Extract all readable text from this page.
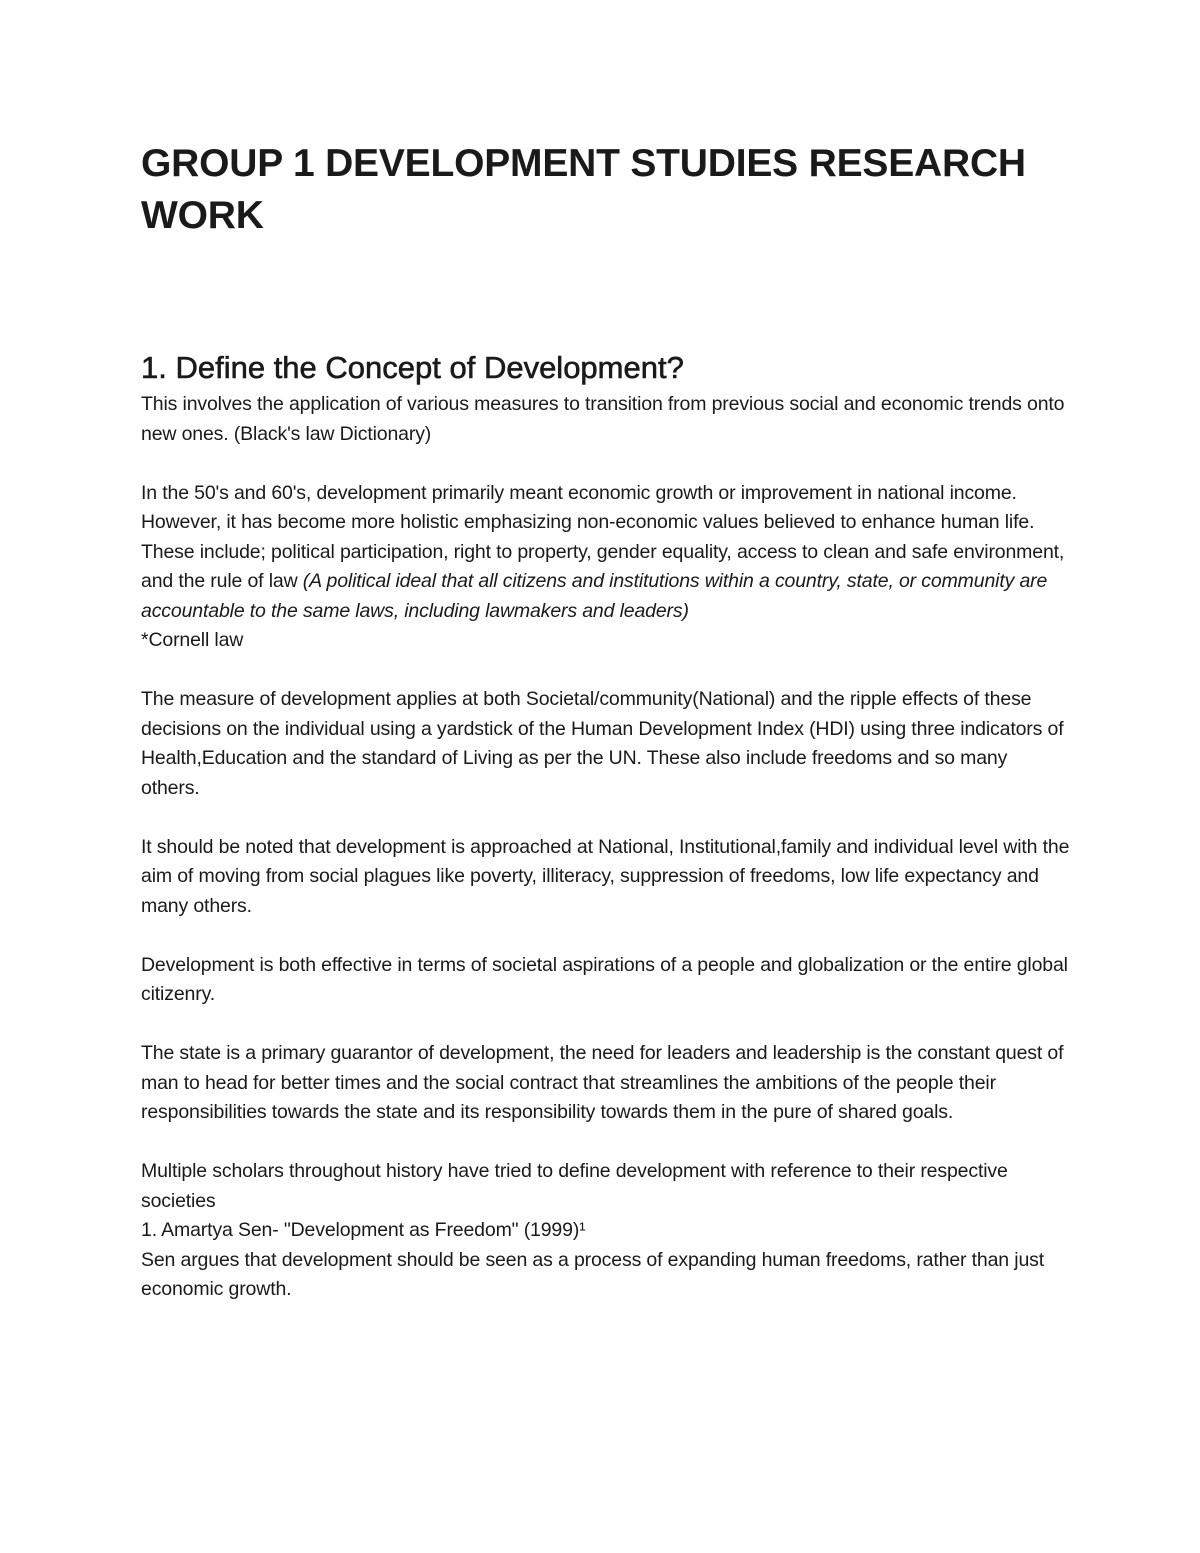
GROUP 1 DEVELOPMENT STUDIES RESEARCH WORK
1. Define the Concept of Development?

This involves the application of various measures to transition from previous social and economic trends onto new ones. (Black's law Dictionary)

In the 50's and 60's, development primarily meant economic growth or improvement in national income. However, it has become more holistic emphasizing non-economic values believed to enhance human life. These include; political participation, right to property, gender equality, access to clean and safe environment, and the rule of law (A political ideal that all citizens and institutions within a country, state, or community are accountable to the same laws, including lawmakers and leaders)

*Cornell law

The measure of development applies at both Societal/community(National) and the ripple effects of these decisions on the individual using a yardstick of the Human Development Index (HDI) using three indicators of Health,Education and the standard of Living as per the UN. These also include freedoms and so many others.

It should be noted that development is approached at National, Institutional,family and individual level with the aim of moving from social plagues like poverty, illiteracy, suppression of freedoms, low life expectancy and many others.

Development is both effective in terms of societal aspirations of a people and globalization or the entire global citizenry.

The state is a primary guarantor of development, the need for leaders and leadership is the constant quest of man to head for better times and the social contract that streamlines the ambitions of the people their responsibilities towards the state and its responsibility towards them in the pure of shared goals.

Multiple scholars throughout history have tried to define development with reference to their respective societies

1. Amartya Sen- "Development as Freedom" (1999)¹

Sen argues that development should be seen as a process of expanding human freedoms, rather than just economic growth.
